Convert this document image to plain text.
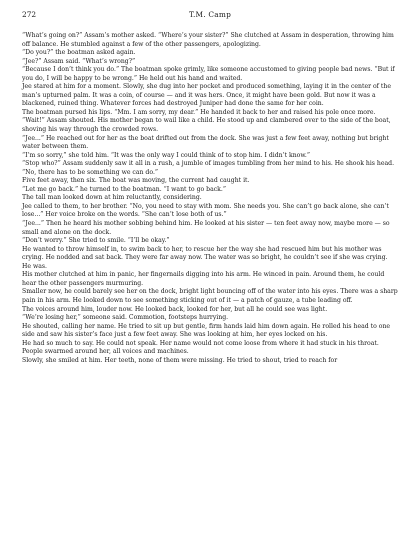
272	T.M. Camp

“What’s going on?” Assam’s mother asked. “Where’s your sister?” She clutched at Assam in desperation, throwing him off balance. He stumbled against a few of the other passengers, apologizing.

“Do you?” the boatman asked again.

“Jee?” Assam said. “What’s wrong?”

“Because I don’t think you do.” The boatman spoke grimly, like someone accustomed to giving people bad news. “But if you do, I will be happy to be wrong.” He held out his hand and waited.

Jee stared at him for a moment. Slowly, she dug into her pocket and produced something, laying it in the center of the man’s upturned palm. It was a coin, of course — and it was hers. Once, it might have been gold. But now it was a blackened, ruined thing. Whatever forces had destroyed Juniper had done the same for her coin.

The boatman pursed his lips. “Mm. I am sorry, my dear.” He handed it back to her and raised his pole once more.

“Wait!” Assam shouted. His mother began to wail like a child. He stood up and clambered over to the side of the boat, shoving his way through the crowded rows.

“Jee...” He reached out for her as the boat drifted out from the dock. She was just a few feet away, nothing but bright water between them.

“I’m so sorry,” she told him. “It was the only way I could think of to stop him. I didn’t know.”

“Stop who?” Assam suddenly saw it all in a rush, a jumble of images tumbling from her mind to his. He shook his head. “No, there has to be something we can do.”

Five feet away, then six. The boat was moving, the current had caught it.

“Let me go back.” he turned to the boatman. “I want to go back.”

The tall man looked down at him reluctantly, considering.

Jee called to them, to her brother. “No, you need to stay with mom. She needs you. She can’t go back alone, she can’t lose...” Her voice broke on the words. “She can’t lose both of us.”

“Jee...” Then he heard his mother sobbing behind him. He looked at his sister — ten feet away now, maybe more — so small and alone on the dock.

“Don’t worry.” She tried to smile. “I’ll be okay.”

He wanted to throw himself in, to swim back to her, to rescue her the way she had rescued him but his mother was crying. He nodded and sat back. They were far away now. The water was so bright, he couldn’t see if she was crying. He was.

His mother clutched at him in panic, her fingernails digging into his arm. He winced in pain. Around them, he could hear the other passengers murmuring.

Smaller now, he could barely see her on the dock, bright light bouncing off of the water into his eyes. There was a sharp pain in his arm. He looked down to see something sticking out of it — a patch of gauze, a tube leading off.

The voices around him, louder now. He looked back, looked for her, but all he could see was light.

“We’re losing her,” someone said. Commotion, footsteps hurrying.

He shouted, calling her name. He tried to sit up but gentle, firm hands laid him down again. He rolled his head to one side and saw his sister’s face just a few feet away. She was looking at him, her eyes locked on his.

He had so much to say. He could not speak. Her name would not come loose from where it had stuck in his throat.

People swarmed around her, all voices and machines.

Slowly, she smiled at him. Her teeth, none of them were missing. He tried to shout, tried to reach for
